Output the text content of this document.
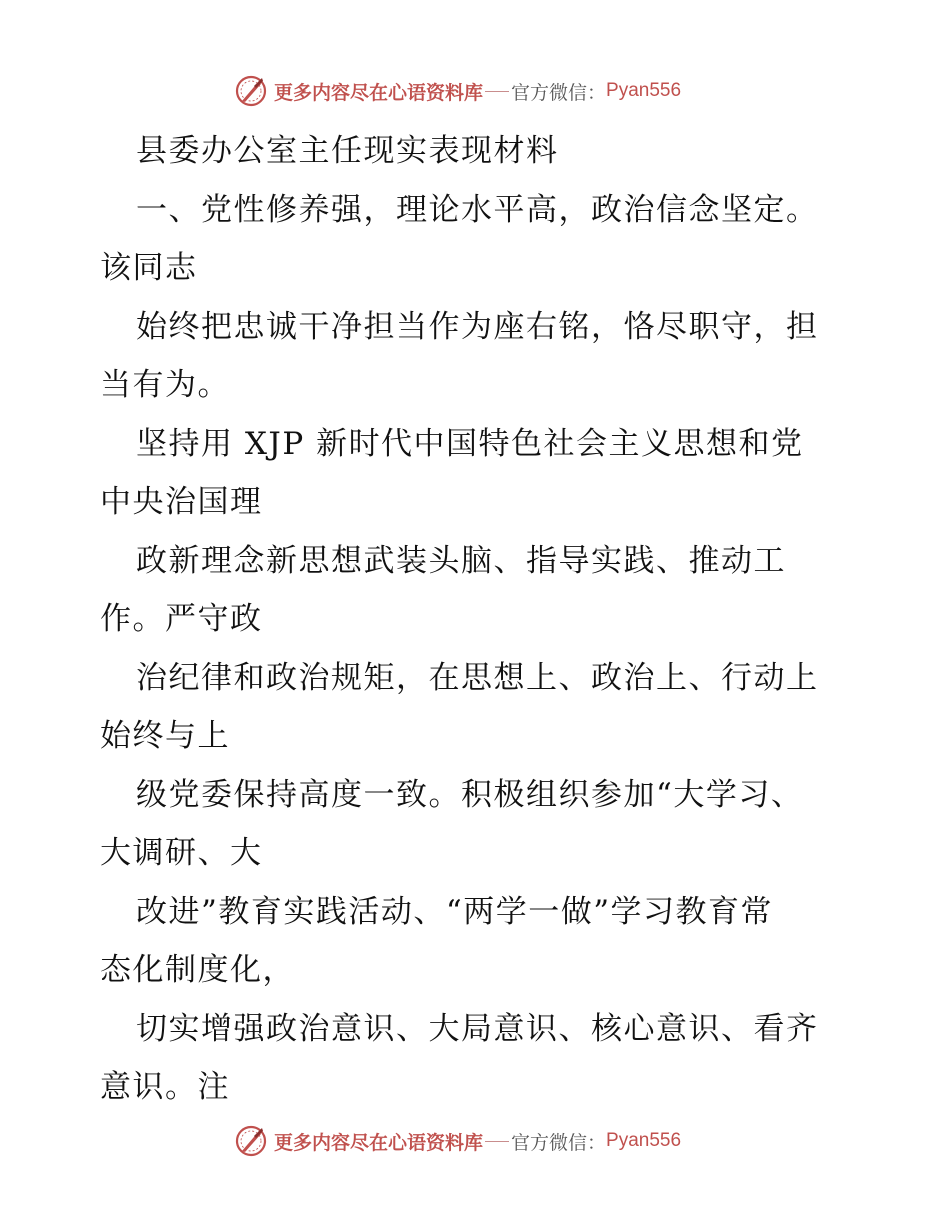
更多内容尽在心语资料库 官方微信： Pyan556
县委办公室主任现实表现材料
一、党性修养强，理论水平高，政治信念坚定。
该同志
始终把忠诚干净担当作为座右铭，恪尽职守，担
当有为。
坚持用 XJP 新时代中国特色社会主义思想和党
中央治国理
政新理念新思想武装头脑、指导实践、推动工
作。严守政
治纪律和政治规矩，在思想上、政治上、行动上
始终与上
级党委保持高度一致。积极组织参加“大学习、
大调研、大
改进”教育实践活动、“两学一做”学习教育常
态化制度化，
切实增强政治意识、大局意识、核心意识、看齐
意识。注
更多内容尽在心语资料库 官方微信： Pyan556
